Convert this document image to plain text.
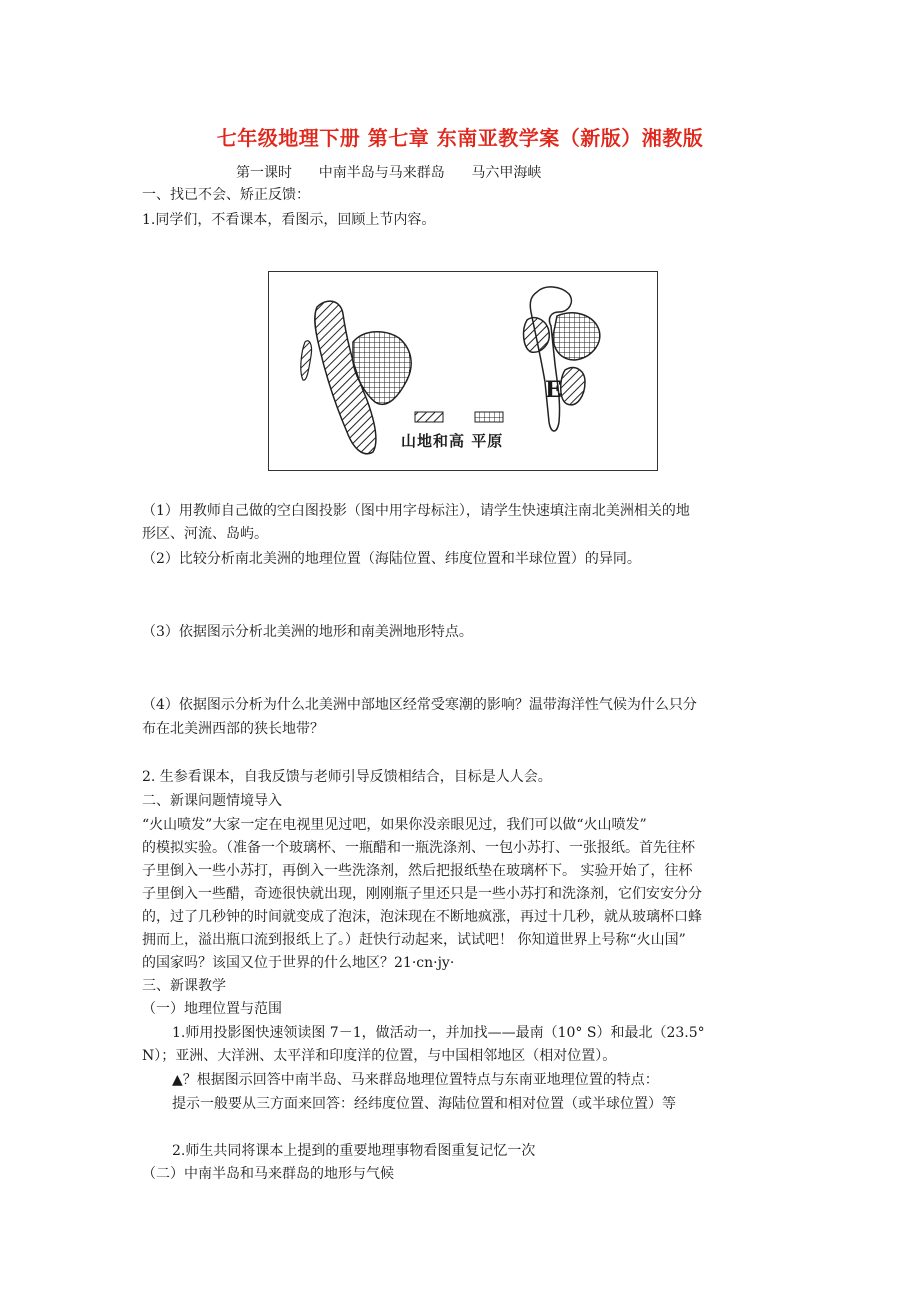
七年级地理下册 第七章 东南亚教学案（新版）湘教版
第一课时      中南半岛与马来群岛      马六甲海峡
一、找已不会、矫正反馈：
1.同学们，不看课本，看图示，回顾上节内容。
E
山地和高 平原
（1）用教师自己做的空白图投影（图中用字母标注），请学生快速填注南北美洲相关的地
形区、河流、岛屿。
（2）比较分析南北美洲的地理位置（海陆位置、纬度位置和半球位置）的异同。
（3）依据图示分析北美洲的地形和南美洲地形特点。
（4）依据图示分析为什么北美洲中部地区经常受寒潮的影响？温带海洋性气候为什么只分
布在北美洲西部的狭长地带？
2. 生参看课本，自我反馈与老师引导反馈相结合，目标是人人会。
二、新课问题情境导入
“火山喷发”大家一定在电视里见过吧，如果你没亲眼见过，我们可以做“火山喷发”
的模拟实验。（准备一个玻璃杯、一瓶醋和一瓶洗涤剂、一包小苏打、一张报纸。首先往杯
子里倒入一些小苏打，再倒入一些洗涤剂，然后把报纸垫在玻璃杯下。 实验开始了，往杯
子里倒入一些醋，奇迹很快就出现，刚刚瓶子里还只是一些小苏打和洗涤剂，它们安安分分
的，过了几秒钟的时间就变成了泡沫，泡沫现在不断地疯涨，再过十几秒，就从玻璃杯口蜂
拥而上，溢出瓶口流到报纸上了。）赶快行动起来，试试吧！ 你知道世界上号称“火山国”
的国家吗？该国又位于世界的什么地区？21·cn·jy·
三、新课教学
（一）地理位置与范围
1.师用投影图快速领读图 7－1，做活动一，并加找——最南（10° S）和最北（23.5°
N）；亚洲、大洋洲、太平洋和印度洋的位置，与中国相邻地区（相对位置）。
▲？根据图示回答中南半岛、马来群岛地理位置特点与东南亚地理位置的特点：
提示一般要从三方面来回答：经纬度位置、海陆位置和相对位置（或半球位置）等
2.师生共同将课本上提到的重要地理事物看图重复记忆一次
（二）中南半岛和马来群岛的地形与气候
